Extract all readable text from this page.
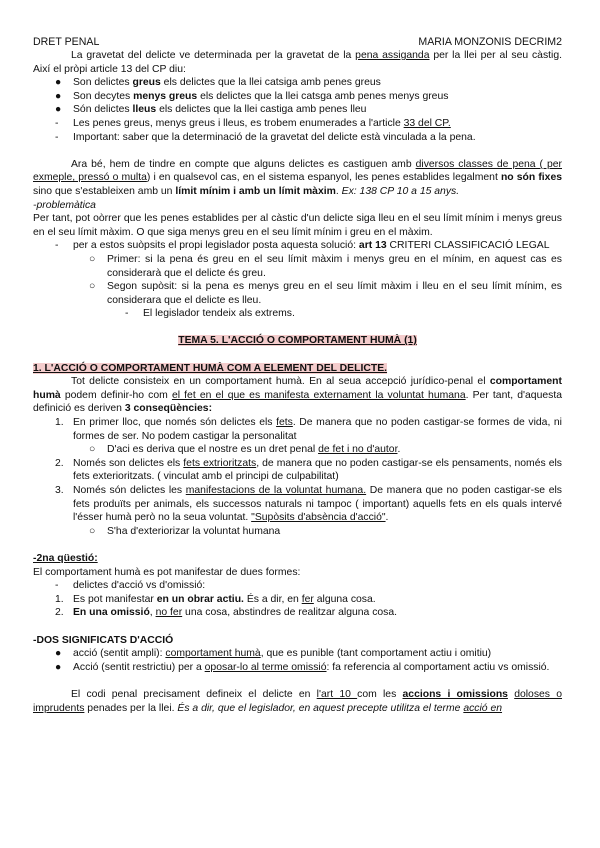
DRET PENAL	MARIA MONZONIS DECRIM2

La gravetat del delicte ve determinada per la gravetat de la pena assiganda per la llei per al seu càstig. Així el pròpi article 13 del CP diu:

●	Son delictes greus els delictes que la llei catsiga amb penes greus
●	Son decytes menys greus els delictes que la llei catsga amb penes menys greus
●	Són delictes lleus els delictes que la llei castiga amb penes lleu
-	Les penes greus, menys greus i lleus, es trobem enumerades a l'article 33 del CP.
-	Important: saber que la determinació de la gravetat del delicte està vinculada a la pena.

Ara bé, hem de tindre en compte que alguns delictes es castiguen amb diversos classes de pena ( per exmeple, pressó o multa) i en qualsevol cas, en el sistema espanyol, les penes establides legalment no són fixes sino que s'estableixen amb un límit mínim i amb un límit màxim. Ex: 138 CP 10 a 15 anys.

-problemàtica

Per tant, pot oòrrer que les penes establides per al càstic d'un delicte siga lleu en el seu límit mínim i menys greus en el seu límit màxim. O que siga menys greu en el seu límit mínim i greu en el màxim.

-	per a estos suòpsits el propi legislador posta aquesta solució: art 13 CRITERI CLASSIFICACIÓ LEGAL
○	Primer: si la pena és greu en el seu límit màxim i menys greu en el mínim, en aquest cas es considerarà que el delicte és greu.
○	Segon supòsit: si la pena es menys greu en el seu límit màxim i lleu en el seu límit mínim, es considerara que el delicte es lleu.
-	El legislador tendeix als extrems.

TEMA 5. L'ACCIÓ O COMPORTAMENT HUMÀ (1)

1. L'ACCIÓ O COMPORTAMENT HUMÀ COM A ELEMENT DEL DELICTE.

Tot delicte consisteix en un comportament humà. En al seua accepció jurídico-penal el comportament humà podem definir-ho com el fet en el que es manifesta externament la voluntat humana. Per tant, d'aquesta definició es deriven 3 conseqüències:

1. En primer lloc, que només són delictes els fets. De manera que no poden castigar-se formes de vida, ni formes de ser. No podem castigar la personalitat
○	D'aci es deriva que el nostre es un dret penal de fet i no d'autor.
2. Només son delictes els fets extrioritzats, de manera que no poden castigar-se els pensaments, només els fets exterioritzats. ( vinculat amb el principi de culpabilitat)
3. Només són delictes les manifestacions de la voluntat humana. De manera que no poden castigar-se els fets produïts per animals, els successos naturals ni tampoc ( important) aquells fets en els quals intervé l'ésser humà però no la seua voluntat. "Supòsits d'absència d'acció".
○	S'ha d'exteriorizar la voluntat humana

-2na qüestió:

El comportament humà es pot manifestar de dues formes:

-	delictes d'acció vs d'omissió:
1. Es pot manifestar en un obrar actiu. És a dir, en fer alguna cosa.
2. En una omissió, no fer una cosa, abstindres de realitzar alguna cosa.

-DOS SIGNIFICATS D'ACCIÓ

●	acció (sentit ampli): comportament humà, que es punible (tant comportament actiu i omitiu)
●	Acció (sentit restrictiu) per a oposar-lo al terme omissió: fa referencia al comportament actiu vs omissió.

El codi penal precisament defineix el delicte en l'art 10 com les accions i omissions doloses o imprudents penades per la llei. És a dir, que el legislador, en aquest precepte utilitza el terme acció en
